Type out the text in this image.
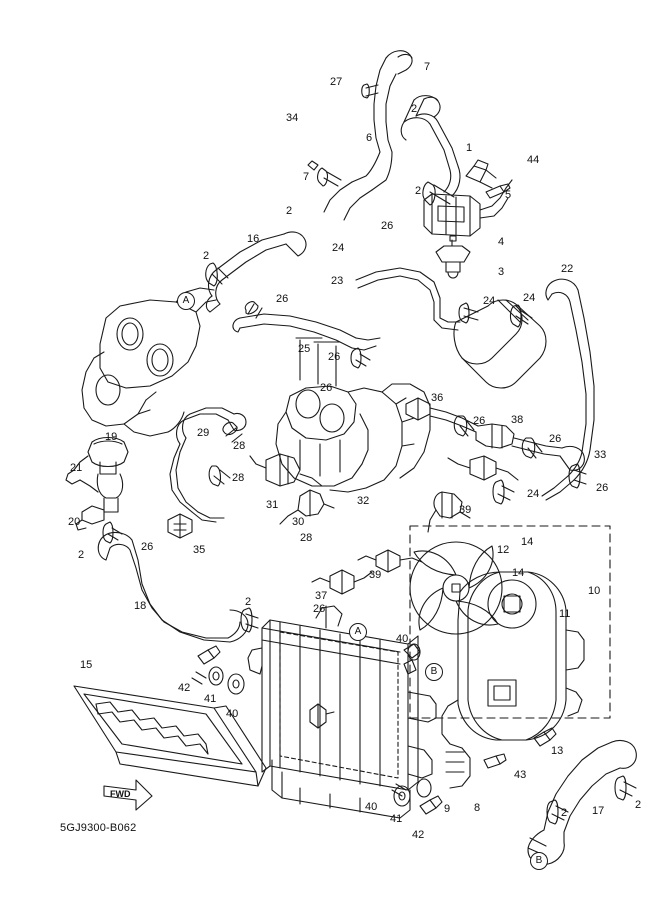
5GJ9300-B062
FWD
7
27
2
34
6
1
44
7
2	5
2
26
4
16
24
3
2
23
22
24	24
26
A
25
26
26
36
26 38
26
33
19
21
29
28
28
26
24
20
31	32
30
28
39
26	35
2
14
12
14
10
39
37
11
2
26
18
A
40
15
B
42
41
40
13
43
17	2
8
9
40
41
42
2
B
